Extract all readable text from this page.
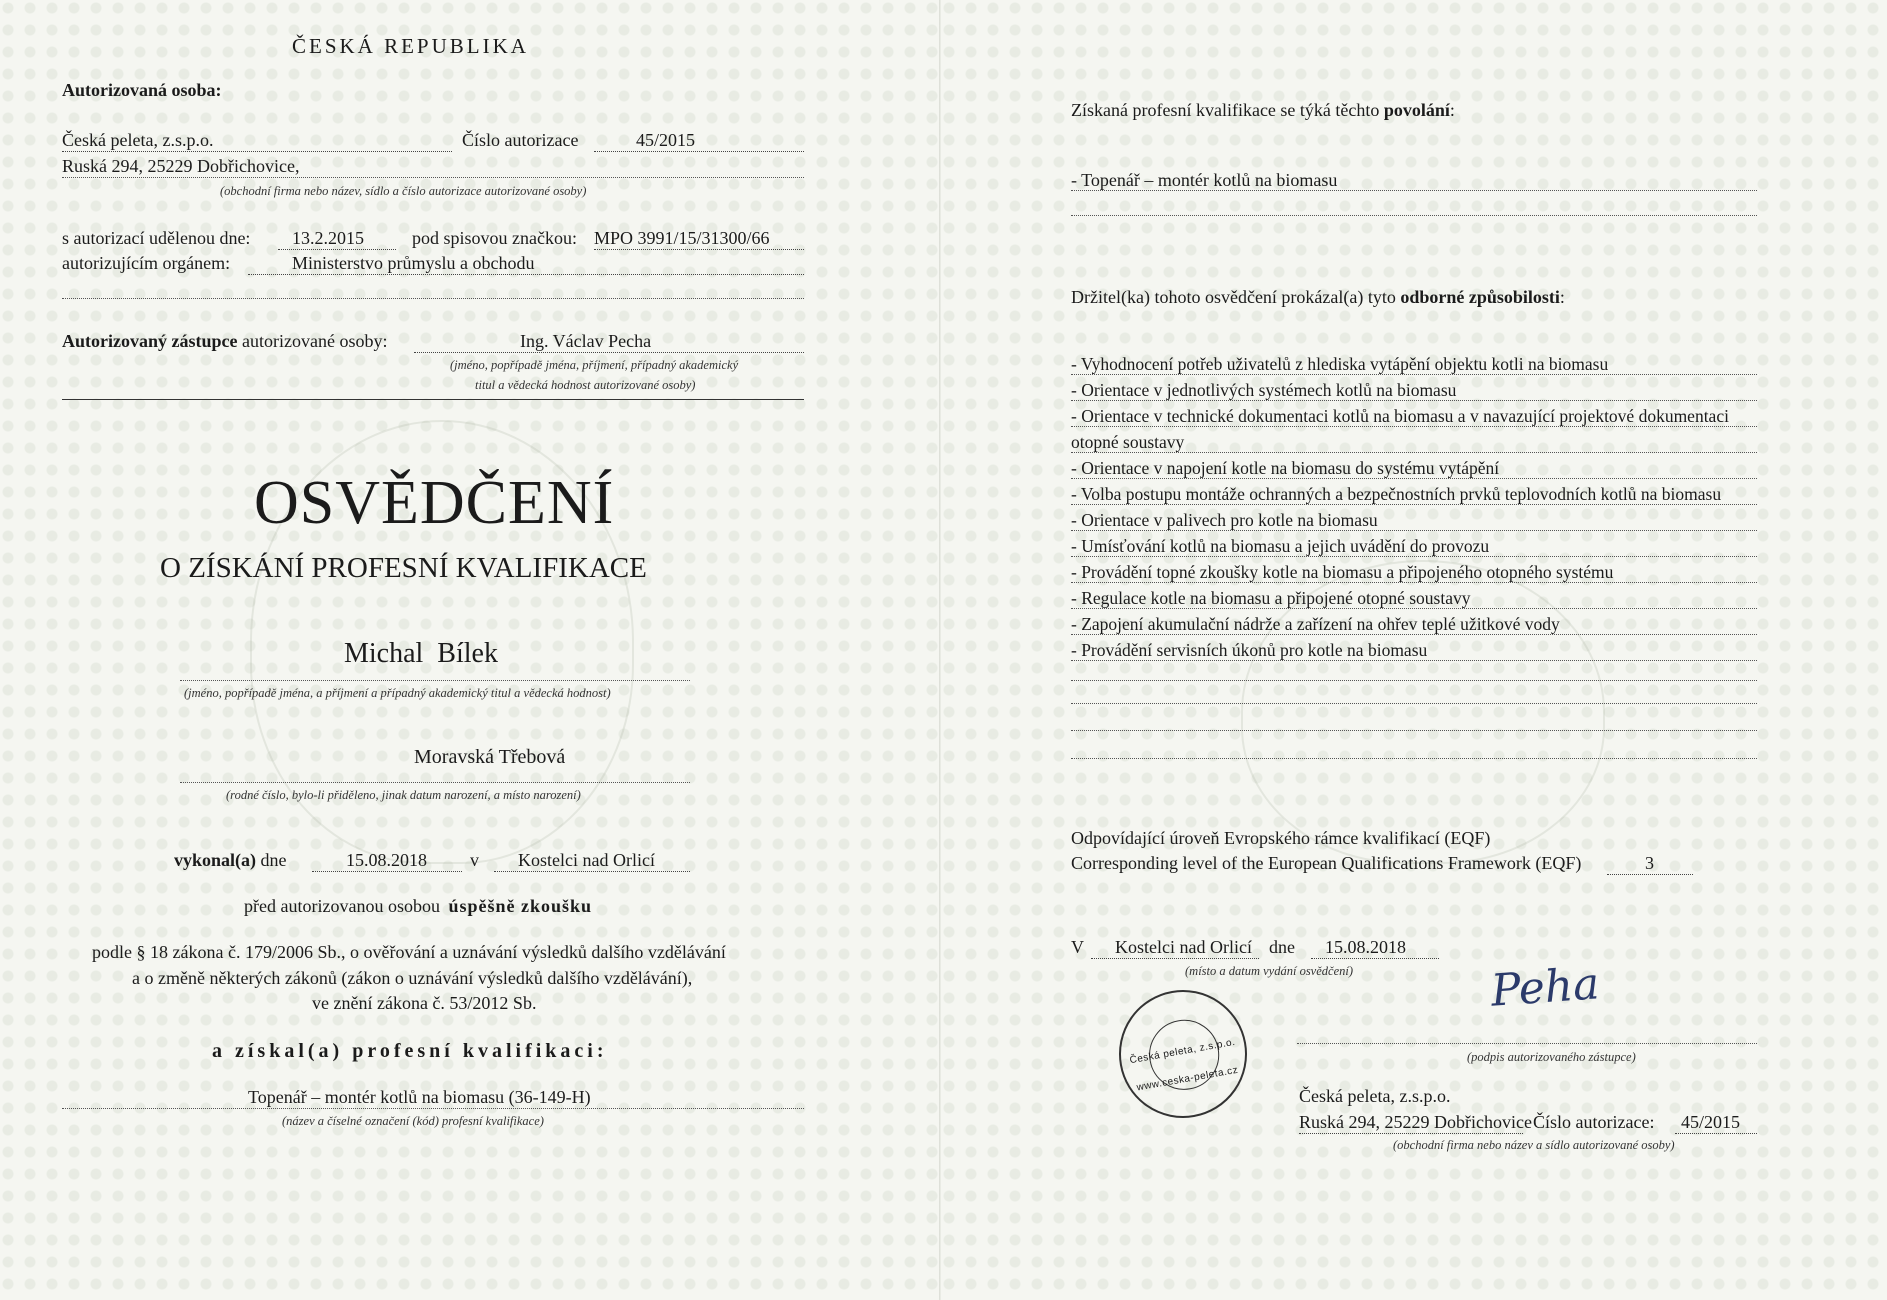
ČESKÁ REPUBLIKA
Autorizovaná osoba:
Česká peleta, z.s.p.o.	Číslo autorizace	45/2015
Ruská 294, 25229 Dobřichovice,
(obchodní firma nebo název, sídlo a číslo autorizace autorizované osoby)
s autorizací udělenou dne:	13.2.2015	pod spisovou značkou: MPO 3991/15/31300/66
autorizujícím orgánem:	Ministerstvo průmyslu a obchodu
Autorizovaný zástupce autorizované osoby:	Ing. Václav Pecha
(jméno, popřípadě jména, příjmení, případný akademický
titul a vědecká hodnost autorizované osoby)
OSVĚDČENÍ
O ZÍSKÁNÍ PROFESNÍ KVALIFIKACE
Michal  Bílek
(jméno, popřípadě jména, a příjmení a případný akademický titul a vědecká hodnost)
Moravská Třebová
(rodné číslo, bylo-li přiděleno, jinak datum narození, a místo narození)
vykonal(a) dne	15.08.2018	v	Kostelci nad Orlicí
před autorizovanou osobou úspěšně zkoušku
podle § 18 zákona č. 179/2006 Sb., o ověřování a uznávání výsledků dalšího vzdělávání
a o změně některých zákonů (zákon o uznávání výsledků dalšího vzdělávání),
ve znění zákona č. 53/2012 Sb.
a získal(a) profesní kvalifikaci:
Topenář – montér kotlů na biomasu (36-149-H)
(název a číselné označení (kód) profesní kvalifikace)
Získaná profesní kvalifikace se týká těchto povolání:
- Topenář – montér kotlů na biomasu
Držitel(ka) tohoto osvědčení prokázal(a) tyto odborné způsobilosti:
- Vyhodnocení potřeb uživatelů z hlediska vytápění objektu kotli na biomasu
- Orientace v jednotlivých systémech kotlů na biomasu
- Orientace v technické dokumentaci kotlů na biomasu a v navazující projektové dokumentaci
otopné soustavy
- Orientace v napojení kotle na biomasu do systému vytápění
- Volba postupu montáže ochranných a bezpečnostních prvků teplovodních kotlů na biomasu
- Orientace v palivech pro kotle na biomasu
- Umísťování kotlů na biomasu a jejich uvádění do provozu
- Provádění topné zkoušky kotle na biomasu a připojeného otopného systému
- Regulace kotle na biomasu a připojené otopné soustavy
- Zapojení akumulační nádrže a zařízení na ohřev teplé užitkové vody
- Provádění servisních úkonů pro kotle na biomasu
Odpovídající úroveň Evropského rámce kvalifikací (EQF)
Corresponding level of the European Qualifications Framework (EQF)	3
V	Kostelci nad Orlicí dne	15.08.2018
(místo a datum vydání osvědčení)
Česká peleta, z.s.p.o. www.ceska-peleta.cz
Peha
(podpis autorizovaného zástupce)
Česká peleta, z.s.p.o.
Ruská 294, 25229 Dobřichovice Číslo autorizace:	45/2015
(obchodní firma nebo název a sídlo autorizované osoby)
